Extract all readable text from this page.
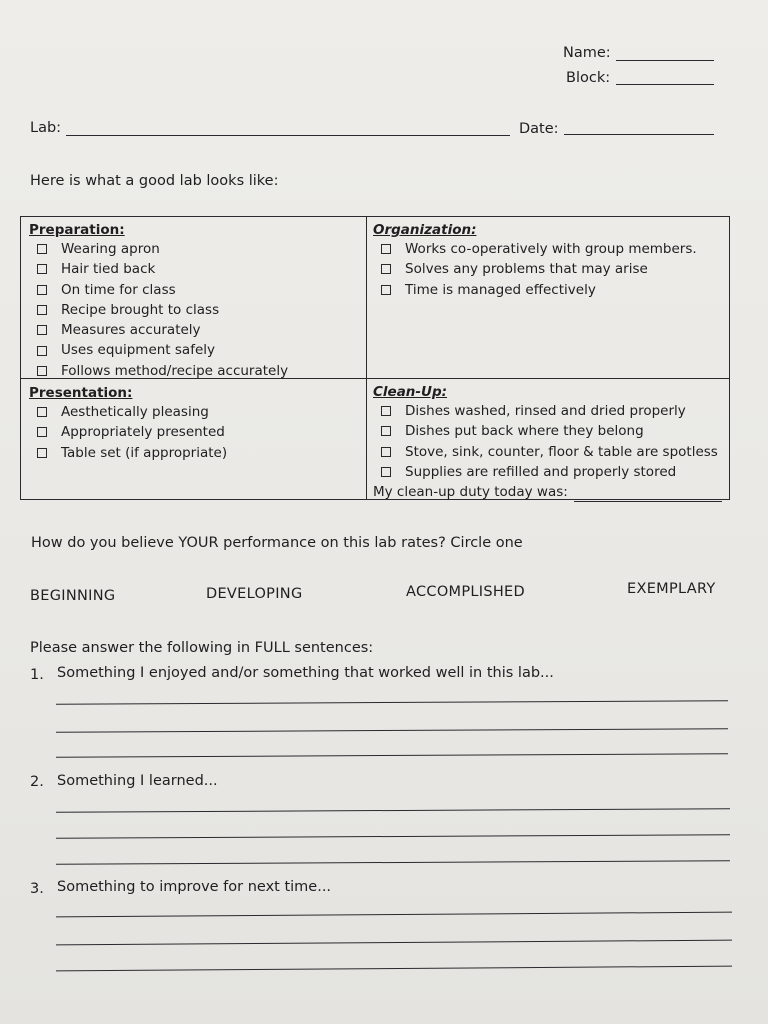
Name:
Block:
Lab:	Date:
Here is what a good lab looks like:
Preparation:
Wearing apron
Hair tied back
On time for class
Recipe brought to class
Measures accurately
Uses equipment safely
Follows method/recipe accurately
Organization:
Works co-operatively with group members.
Solves any problems that may arise
Time is managed effectively
Presentation:
Aesthetically pleasing
Appropriately presented
Table set (if appropriate)
Clean-Up:
Dishes washed, rinsed and dried properly
Dishes put back where they belong
Stove, sink, counter, floor & table are spotless
Supplies are refilled and properly stored
My clean-up duty today was:
How do you believe YOUR performance on this lab rates? Circle one
BEGINNING	DEVELOPING	ACCOMPLISHED	EXEMPLARY
Please answer the following in FULL sentences:
1. Something I enjoyed and/or something that worked well in this lab...
2. Something I learned...
3. Something to improve for next time...
